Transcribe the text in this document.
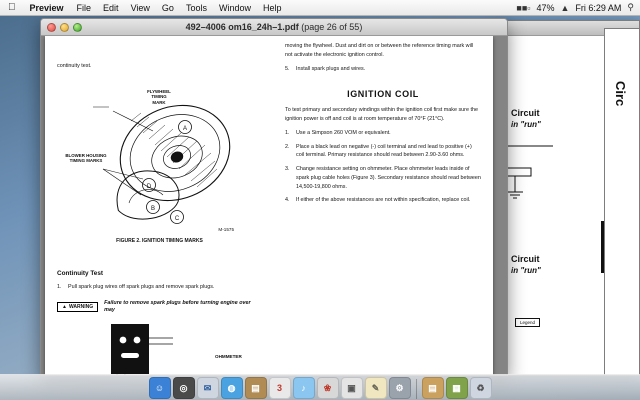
Preview	File	Edit	View	Go	Tools	Window	Help	■■▫ 47% ▲ Fri 6:29 AM ⚲
Circuit
in "run"
Circuit
in "run"
Legend
Circ
492–4006 om16_24h–1.pdf (page 26 of 55)

continuity test.

A
D
B
C
FLYWHEEL
TIMING
MARK
BLOWER HOUSING
TIMING MARKS
M-1575
FIGURE 2. IGNITION TIMING MARKS
Continuity Test
1.	Pull spark plug wires off spark plugs and remove spark plugs.
▲ WARNING
Failure to remove spark plugs before turning engine over may

moving the flywheel. Dust and dirt on or between the reference timing mark will not activate the electronic ignition control.

5.	Install spark plugs and wires.
IGNITION COIL

To test primary and secondary windings within the ignition coil first make sure the ignition power is off and coil is at room temperature of 70°F (21°C).

1.	Use a Simpson 260 VOM or equivalent.
2.	Place a black lead on negative (-) coil terminal and red lead to positive (+) coil terminal. Primary resistance should read between 2.90-3.60 ohms.
3.	Change resistance setting on ohmmeter. Place ohmmeter leads inside of spark plug cable holes (Figure 3). Secondary resistance should read between 14,500-19,800 ohms.
4.	If either of the above resistances are not within specification, replace coil.
OHMMETER
☺	◎	✉	◍	▤	3	♪	❀	▣	✎	⚙	▤	▦	♻
